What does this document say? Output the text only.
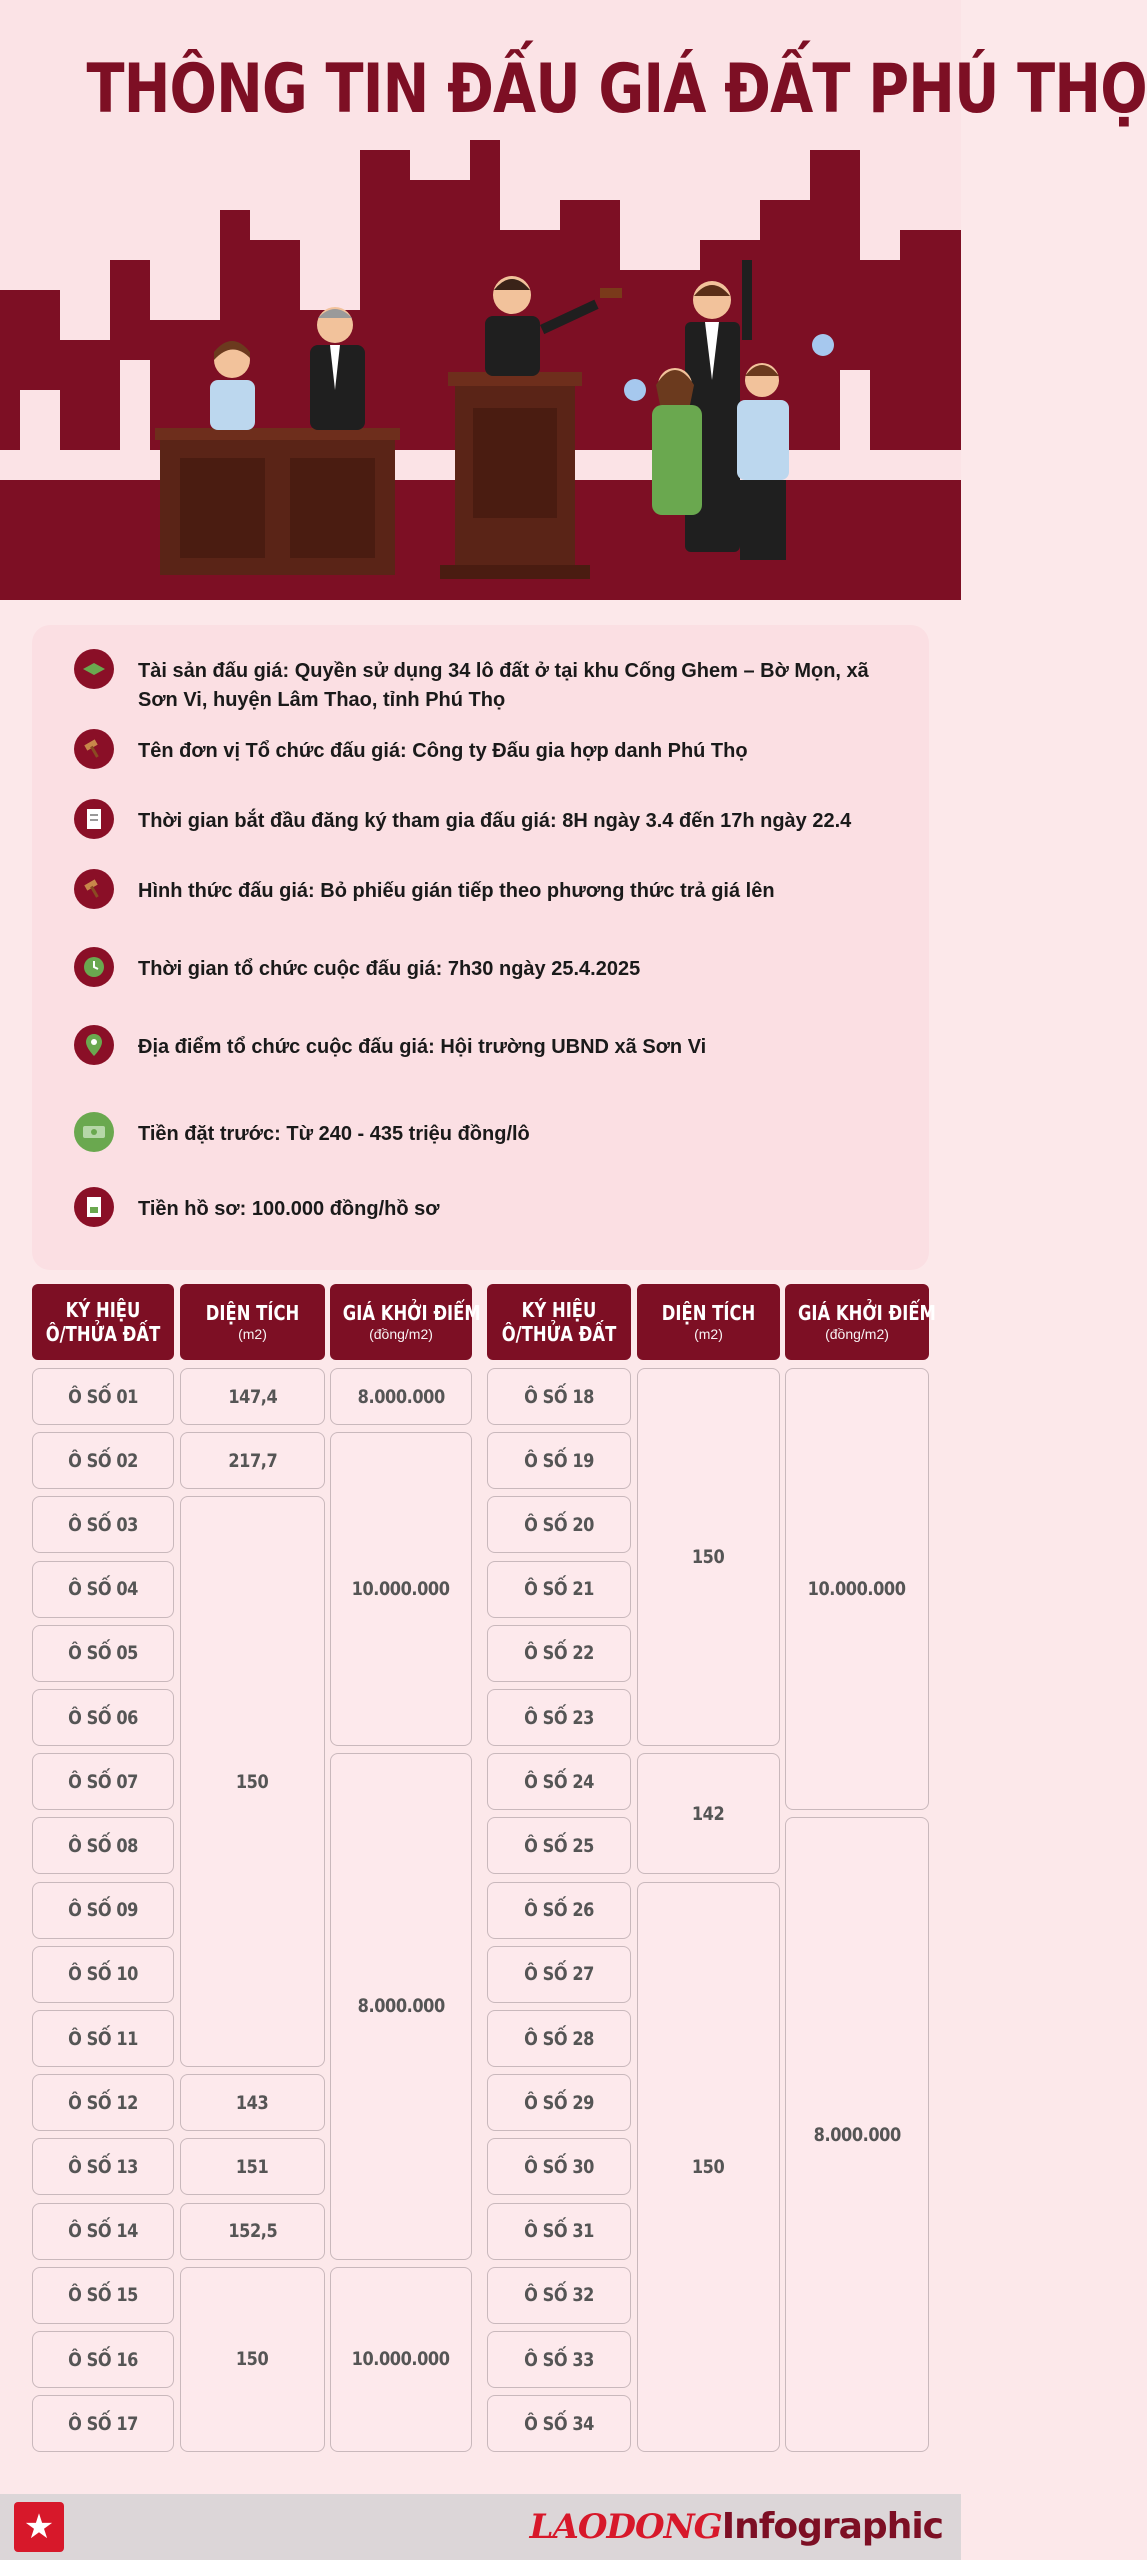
THÔNG TIN ĐẤU GIÁ ĐẤT PHÚ THỌ
Tài sản đấu giá: Quyền sử dụng 34 lô đất ở tại khu Cống Ghem – Bờ Mọn, xã Sơn Vi, huyện Lâm Thao, tỉnh Phú Thọ
Tên đơn vị Tổ chức đấu giá: Công ty Đấu gia hợp danh Phú Thọ
Thời gian bắt đầu đăng ký tham gia đấu giá: 8H ngày 3.4 đến 17h ngày 22.4
Hình thức đấu giá: Bỏ phiếu gián tiếp theo phương thức trả giá lên
Thời gian tổ chức cuộc đấu giá: 7h30 ngày 25.4.2025
Địa điểm tổ chức cuộc đấu giá: Hội trường UBND xã Sơn Vi
Tiền đặt trước: Từ 240 - 435 triệu đồng/lô
Tiền hồ sơ: 100.000 đồng/hồ sơ
KÝ HIỆU
Ô/THỬA ĐẤT
DIỆN TÍCH
(m2)
GIÁ KHỞI ĐIỂM
(đồng/m2)
KÝ HIỆU
Ô/THỬA ĐẤT
DIỆN TÍCH
(m2)
GIÁ KHỞI ĐIỂM
(đồng/m2)
Ô SỐ 01
Ô SỐ 02
Ô SỐ 03
Ô SỐ 04
Ô SỐ 05
Ô SỐ 06
Ô SỐ 07
Ô SỐ 08
Ô SỐ 09
Ô SỐ 10
Ô SỐ 11
Ô SỐ 12
Ô SỐ 13
Ô SỐ 14
Ô SỐ 15
Ô SỐ 16
Ô SỐ 17
147,4
217,7
150
143
151
152,5
150
8.000.000
10.000.000
8.000.000
10.000.000
Ô SỐ 18
Ô SỐ 19
Ô SỐ 20
Ô SỐ 21
Ô SỐ 22
Ô SỐ 23
Ô SỐ 24
Ô SỐ 25
Ô SỐ 26
Ô SỐ 27
Ô SỐ 28
Ô SỐ 29
Ô SỐ 30
Ô SỐ 31
Ô SỐ 32
Ô SỐ 33
Ô SỐ 34
150
142
150
10.000.000
8.000.000
★	LAODONG Infographic
